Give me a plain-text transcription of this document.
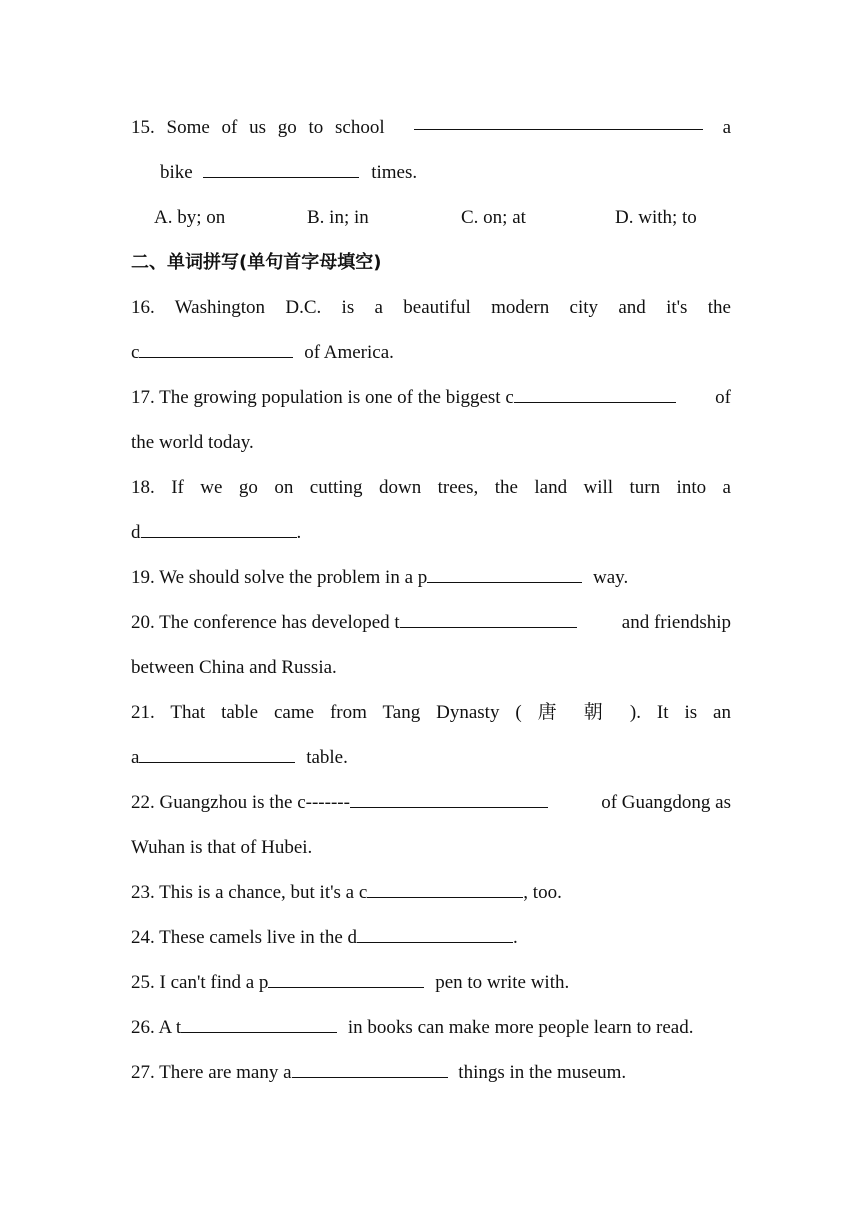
15. Some of us go to school	a
bike	times.
A. by; on	B. in; in	C. on; at	D. with; to
二、单词拼写(单句首字母填空)
16. Washington D.C. is a beautiful modern city and it's the
c	of America.
17. The growing population is one of the biggest c	of
the world today.
18. If we go on cutting down trees, the land will turn into a
d	.
19. We should solve the problem in a p	way.
20. The conference has developed t	and friendship
between China and Russia.
21. That table came from Tang Dynasty ( 唐 朝 ). It is an
a	table.
22. Guangzhou is the c-------	of Guangdong as
Wuhan is that of Hubei.
23. This is a chance, but it's a c	, too.
24. These camels live in the d	.
25. I can't find a p	pen to write with.
26. A t	in books can make more people learn to read.
27. There are many a	things in the museum.
